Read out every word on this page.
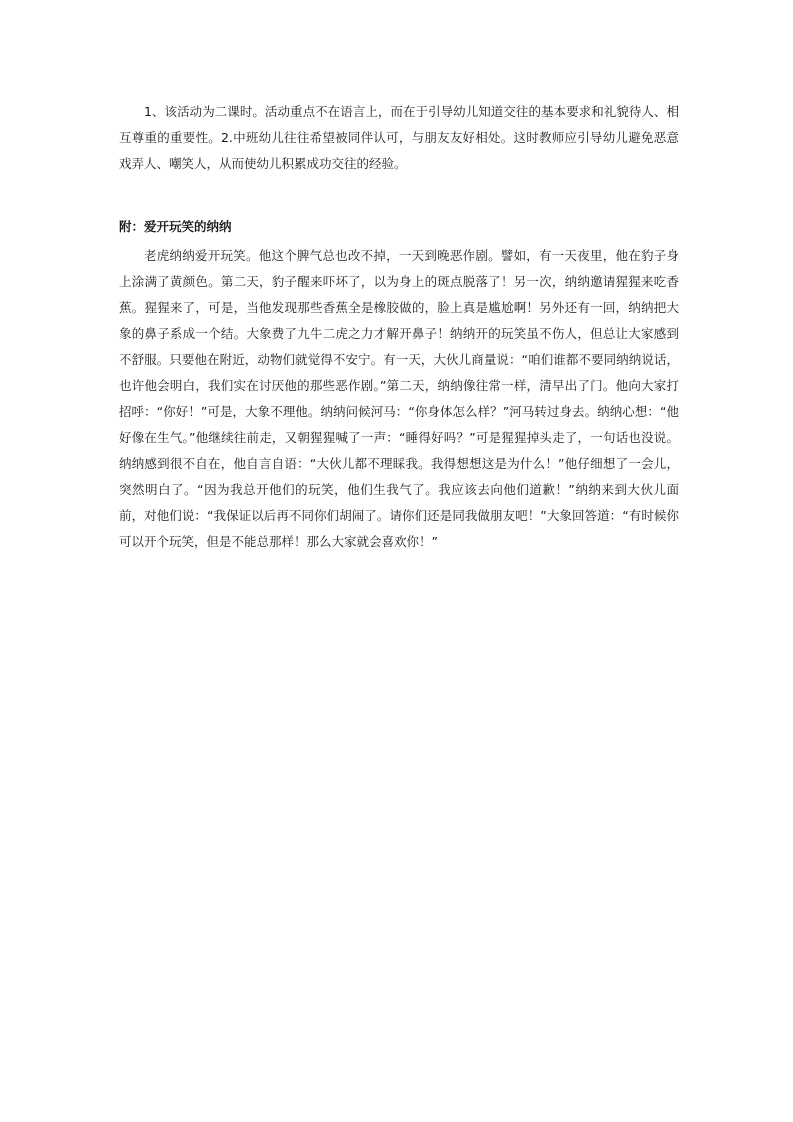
1、该活动为二课时。活动重点不在语言上，而在于引导幼儿知道交往的基本要求和礼貌待人、相互尊重的重要性。2.中班幼儿往往希望被同伴认可，与朋友友好相处。这时教师应引导幼儿避免恶意戏弄人、嘲笑人，从而使幼儿积累成功交往的经验。

附：爱开玩笑的纳纳

老虎纳纳爱开玩笑。他这个脾气总也改不掉，一天到晚恶作剧。譬如，有一天夜里，他在豹子身上涂满了黄颜色。第二天，豹子醒来吓坏了，以为身上的斑点脱落了！另一次，纳纳邀请猩猩来吃香蕉。猩猩来了，可是，当他发现那些香蕉全是橡胶做的，脸上真是尴尬啊！另外还有一回，纳纳把大象的鼻子系成一个结。大象费了九牛二虎之力才解开鼻子！纳纳开的玩笑虽不伤人，但总让大家感到不舒服。只要他在附近，动物们就觉得不安宁。有一天，大伙儿商量说：“咱们谁都不要同纳纳说话，也许他会明白，我们实在讨厌他的那些恶作剧。”第二天，纳纳像往常一样，清早出了门。他向大家打招呼：“你好！”可是，大象不理他。纳纳问候河马：“你身体怎么样？”河马转过身去。纳纳心想：“他好像在生气。”他继续往前走，又朝猩猩喊了一声：“睡得好吗？”可是猩猩掉头走了，一句话也没说。纳纳感到很不自在，他自言自语：“大伙儿都不理睬我。我得想想这是为什么！”他仔细想了一会儿，突然明白了。“因为我总开他们的玩笑，他们生我气了。我应该去向他们道歉！”纳纳来到大伙儿面前，对他们说：“我保证以后再不同你们胡闹了。请你们还是同我做朋友吧！”大象回答道：“有时候你可以开个玩笑，但是不能总那样！那么大家就会喜欢你！”
